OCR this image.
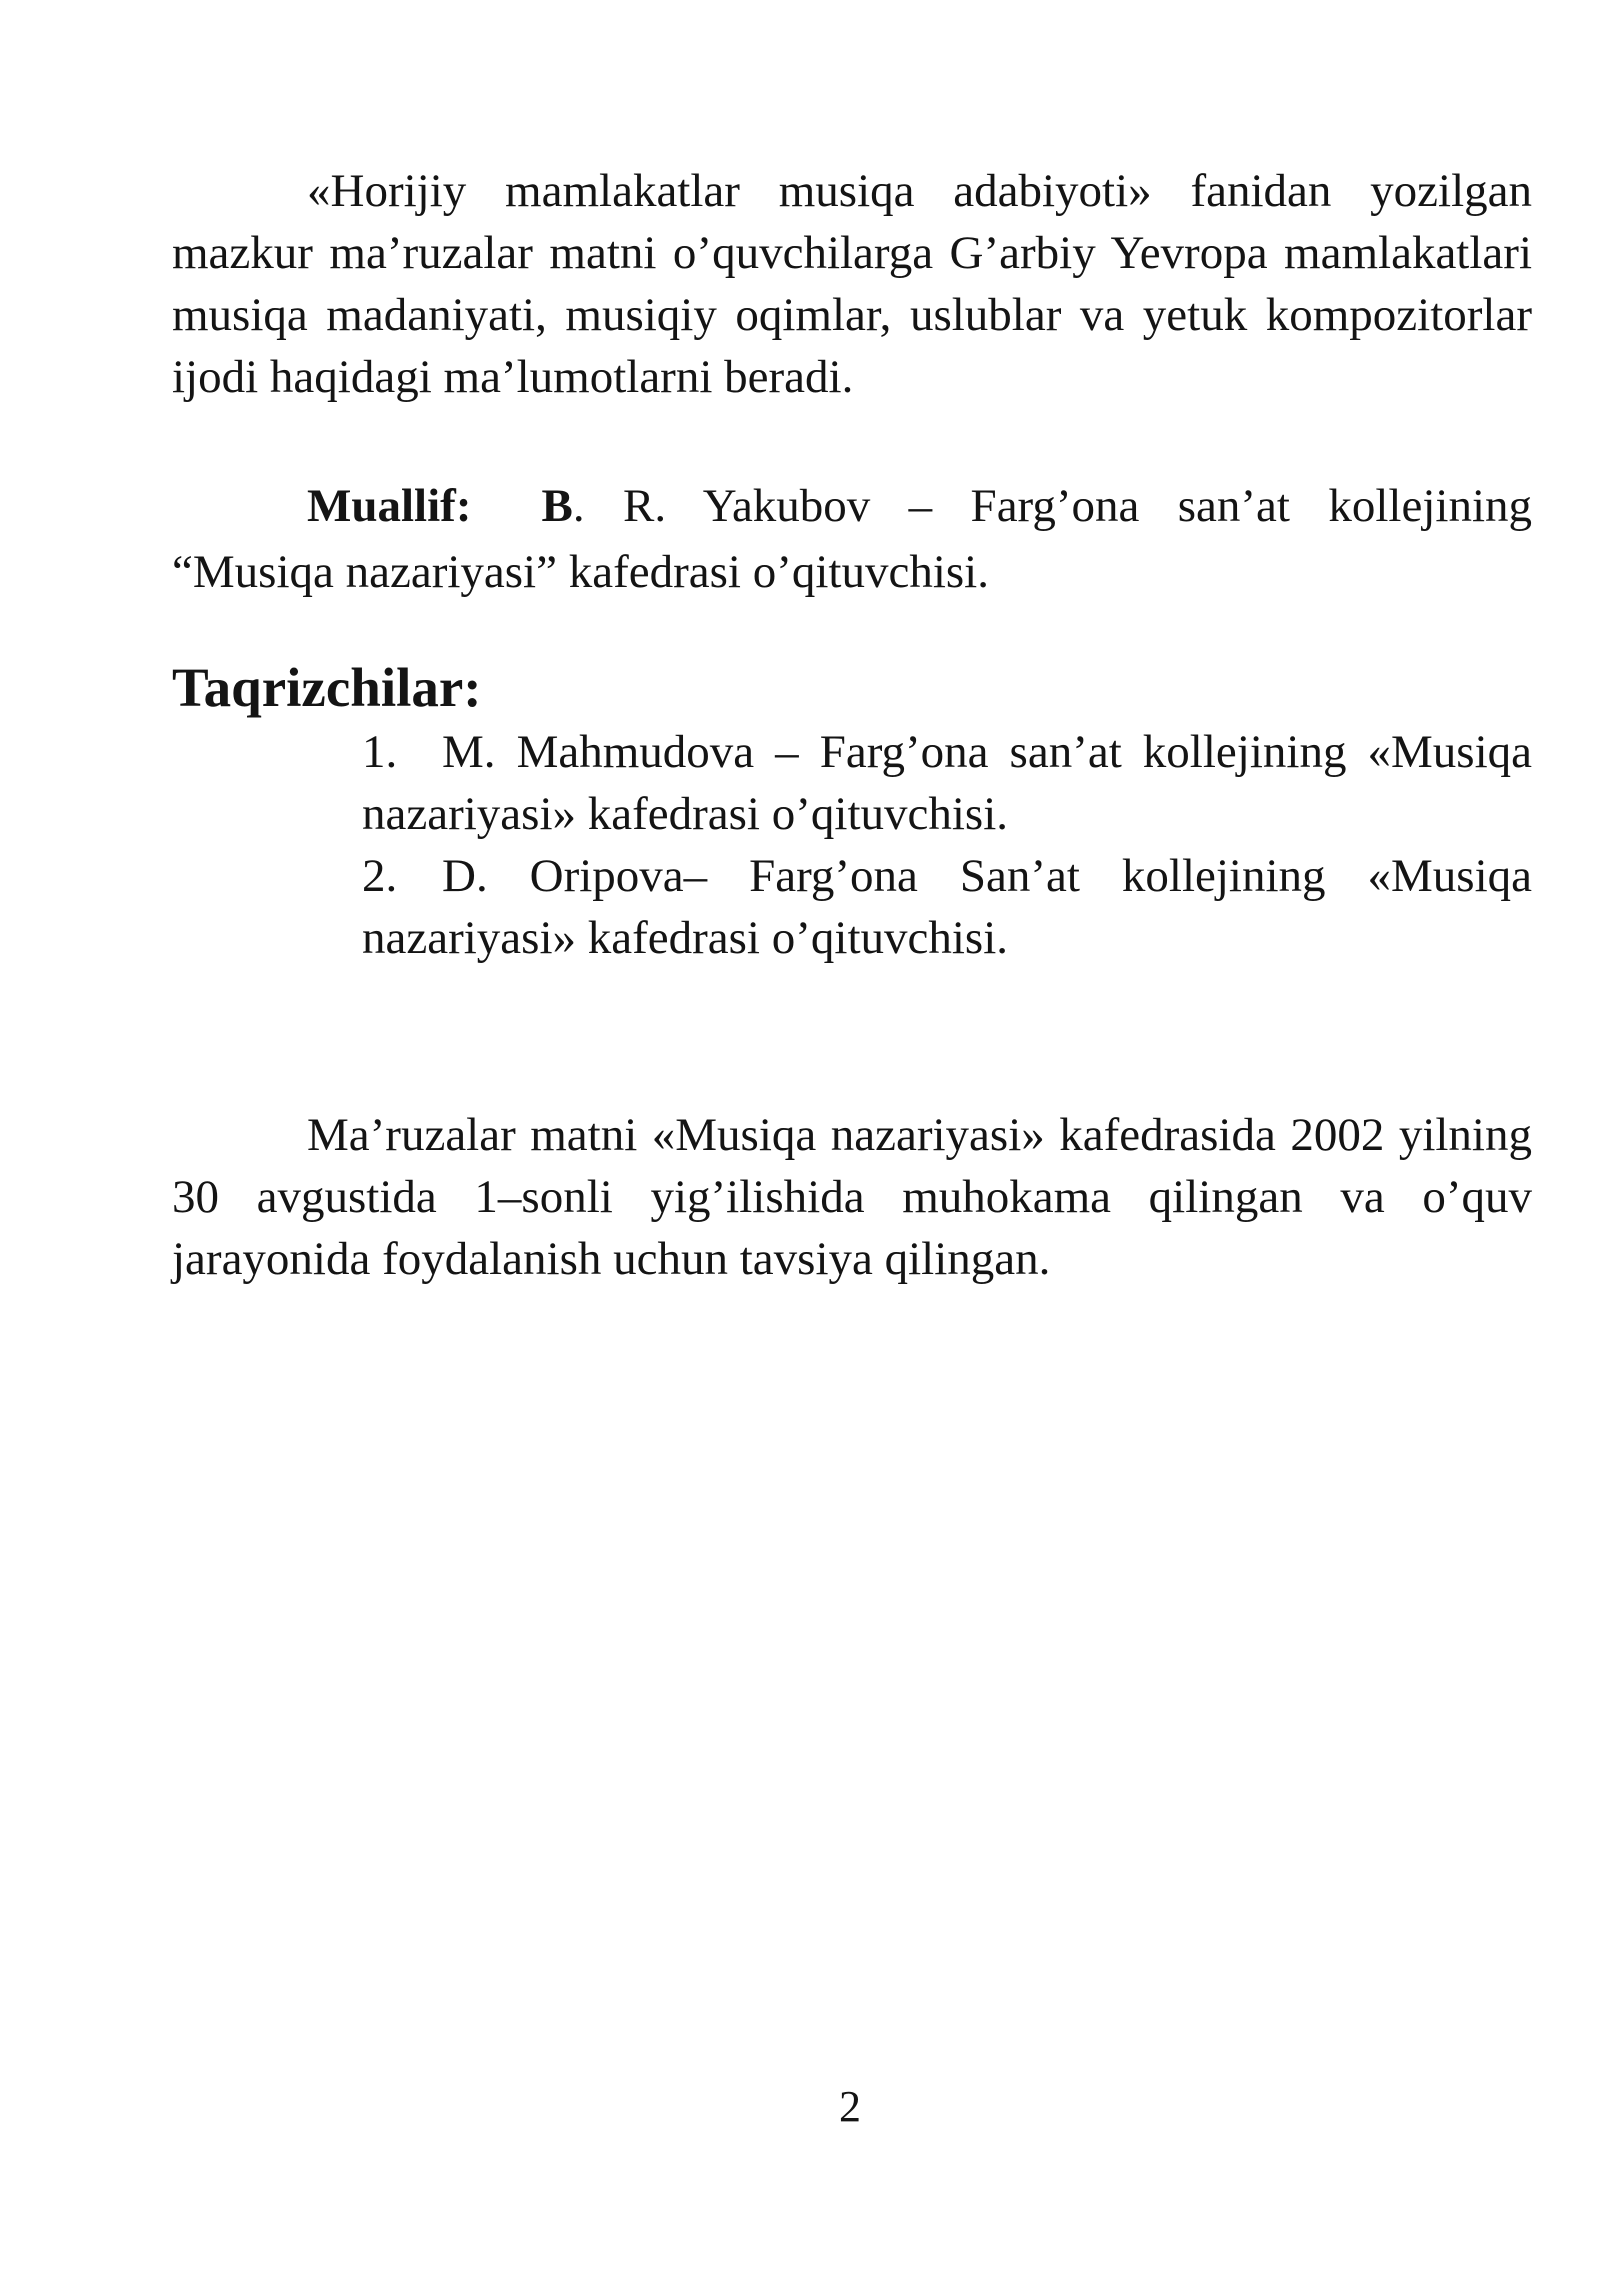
«Horijiy mamlakatlar musiqa adabiyoti» fanidan yozilgan mazkur ma’ruzalar matni o’quvchilarga G’arbiy Yevropa mamlakatlari musiqa madaniyati, musiqiy oqimlar, uslublar va yetuk kompozitorlar ijodi haqidagi ma’lumotlarni beradi.

Muallif: B. R. Yakubov – Farg’ona san’at kollejining “Musiqa nazariyasi” kafedrasi o’qituvchisi.
Taqrizchilar:
1. M. Mahmudova – Farg’ona san’at kollejining «Musiqa nazariyasi» kafedrasi o’qituvchisi.
2. D. Oripova– Farg’ona San’at kollejining «Musiqa nazariyasi» kafedrasi o’qituvchisi.

Ma’ruzalar matni «Musiqa nazariyasi» kafedrasida 2002 yilning 30 avgustida 1–sonli yig’ilishida muhokama qilingan va o’quv jarayonida foydalanish uchun tavsiya qilingan.

2
